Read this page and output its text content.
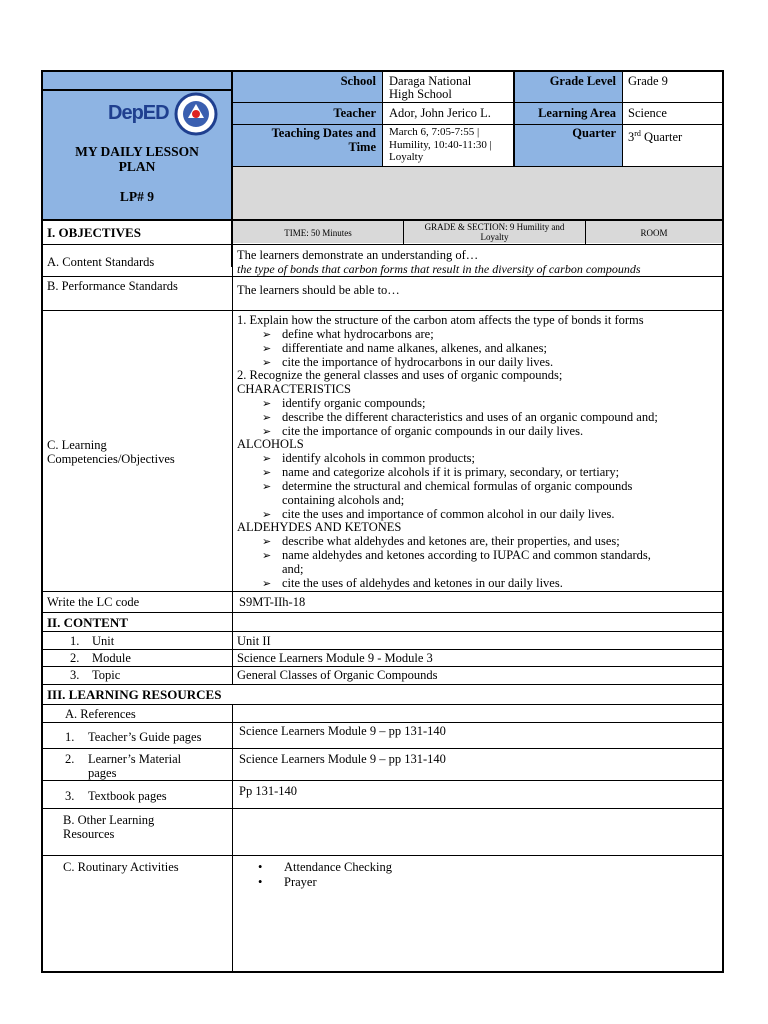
DepED
MY DAILY LESSON
PLAN
LP# 9
School Daraga National
High School
Grade Level Grade 9
Teacher Ador, John Jerico L.	Learning Area Science
Teaching Dates and
Time
March 6, 7:05-7:55 |
Humility, 10:40-11:30 |
Loyalty
Quarter 3rd Quarter
I. OBJECTIVES	TIME: 50 Minutes
GRADE & SECTION: 9 Humility and
Loyalty	ROOM
A. Content Standards	The learners demonstrate an understanding of…
the type of bonds that carbon forms that result in the diversity of carbon compounds
B. Performance Standards	The learners should be able to…
C. Learning
Competencies/Objectives
1. Explain how the structure of the carbon atom affects the type of bonds it forms
➢ define what hydrocarbons are;
➢ differentiate and name alkanes, alkenes, and alkanes;
➢ cite the importance of hydrocarbons in our daily lives.
2. Recognize the general classes and uses of organic compounds;
CHARACTERISTICS
➢ identify organic compounds;
➢ describe the different characteristics and uses of an organic compound and;
➢ cite the importance of organic compounds in our daily lives.
ALCOHOLS
➢ identify alcohols in common products;
➢ name and categorize alcohols if it is primary, secondary, or tertiary;
➢ determine the structural and chemical formulas of organic compounds
containing alcohols and;
➢ cite the uses and importance of common alcohol in our daily lives.
ALDEHYDES AND KETONES
➢ describe what aldehydes and ketones are, their properties, and uses;
➢ name aldehydes and ketones according to IUPAC and common standards,
and;
➢ cite the uses of aldehydes and ketones in our daily lives.
Write the LC code	S9MT-IIh-18
II. CONTENT
1. Unit	Unit II
2. Module	Science Learners Module 9 - Module 3
3. Topic	General Classes of Organic Compounds
III. LEARNING RESOURCES
A. References
1. Teacher’s Guide pages	Science Learners Module 9 – pp 131-140
2. Learner’s Material
pages
Science Learners Module 9 – pp 131-140
3. Textbook pages	Pp 131-140
B. Other Learning
Resources
C. Routinary Activities
•	Attendance Checking
• Prayer
